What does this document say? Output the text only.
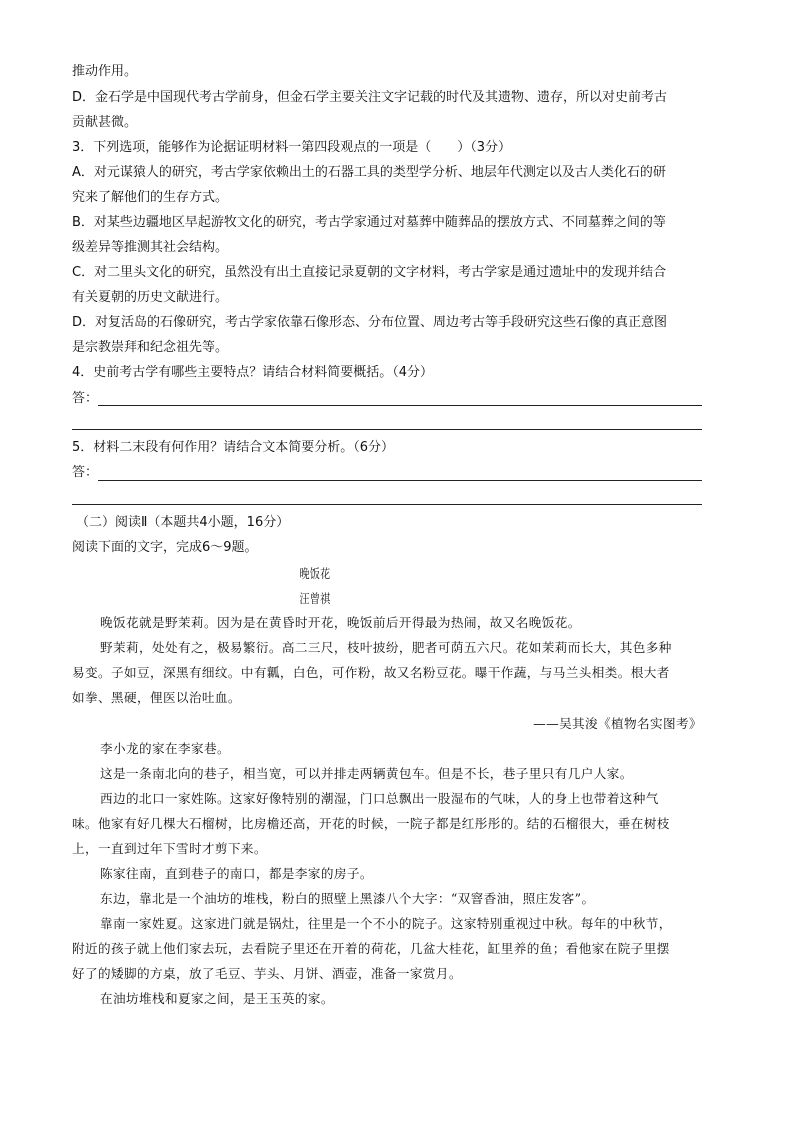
推动作用。
D．金石学是中国现代考古学前身，但金石学主要关注文字记载的时代及其遗物、遗存，所以对史前考古
贡献甚微。
3．下列选项，能够作为论据证明材料一第四段观点的一项是（　　）（3分）
A．对元谋猿人的研究，考古学家依赖出土的石器工具的类型学分析、地层年代测定以及古人类化石的研
究来了解他们的生存方式。
B．对某些边疆地区早起游牧文化的研究，考古学家通过对墓葬中随葬品的摆放方式、不同墓葬之间的等
级差异等推测其社会结构。
C．对二里头文化的研究，虽然没有出土直接记录夏朝的文字材料，考古学家是通过遗址中的发现并结合
有关夏朝的历史文献进行。
D．对复活岛的石像研究，考古学家依靠石像形态、分布位置、周边考古等手段研究这些石像的真正意图
是宗教崇拜和纪念祖先等。
4．史前考古学有哪些主要特点？请结合材料简要概括。（4分）
答：
5．材料二末段有何作用？请结合文本简要分析。（6分）
答：
（二）阅读Ⅱ（本题共4小题，16分）
阅读下面的文字，完成6～9题。
晚饭花
汪曾祺
晚饭花就是野茉莉。因为是在黄昏时开花，晚饭前后开得最为热闹，故又名晚饭花。
野茉莉，处处有之，极易繁衍。高二三尺，枝叶披纷，肥者可荫五六尺。花如茉莉而长大，其色多种
易变。子如豆，深黑有细纹。中有瓤，白色，可作粉，故又名粉豆花。曝干作蔬，与马兰头相类。根大者
如拳、黑硬，俚医以治吐血。
——吴其浚《植物名实图考》
李小龙的家在李家巷。
这是一条南北向的巷子，相当宽，可以并排走两辆黄包车。但是不长，巷子里只有几户人家。
西边的北口一家姓陈。这家好像特别的潮湿，门口总飘出一股湿布的气味，人的身上也带着这种气
味。他家有好几棵大石榴树，比房檐还高，开花的时候，一院子都是红彤彤的。结的石榴很大，垂在树枝
上，一直到过年下雪时才剪下来。
陈家往南，直到巷子的南口，都是李家的房子。
东边，靠北是一个油坊的堆栈，粉白的照壁上黑漆八个大字：“双窨香油，照庄发客”。
靠南一家姓夏。这家进门就是锅灶，往里是一个不小的院子。这家特别重视过中秋。每年的中秋节，
附近的孩子就上他们家去玩，去看院子里还在开着的荷花，几盆大桂花，缸里养的鱼；看他家在院子里摆
好了的矮脚的方桌，放了毛豆、芋头、月饼、酒壶，准备一家赏月。
在油坊堆栈和夏家之间，是王玉英的家。
